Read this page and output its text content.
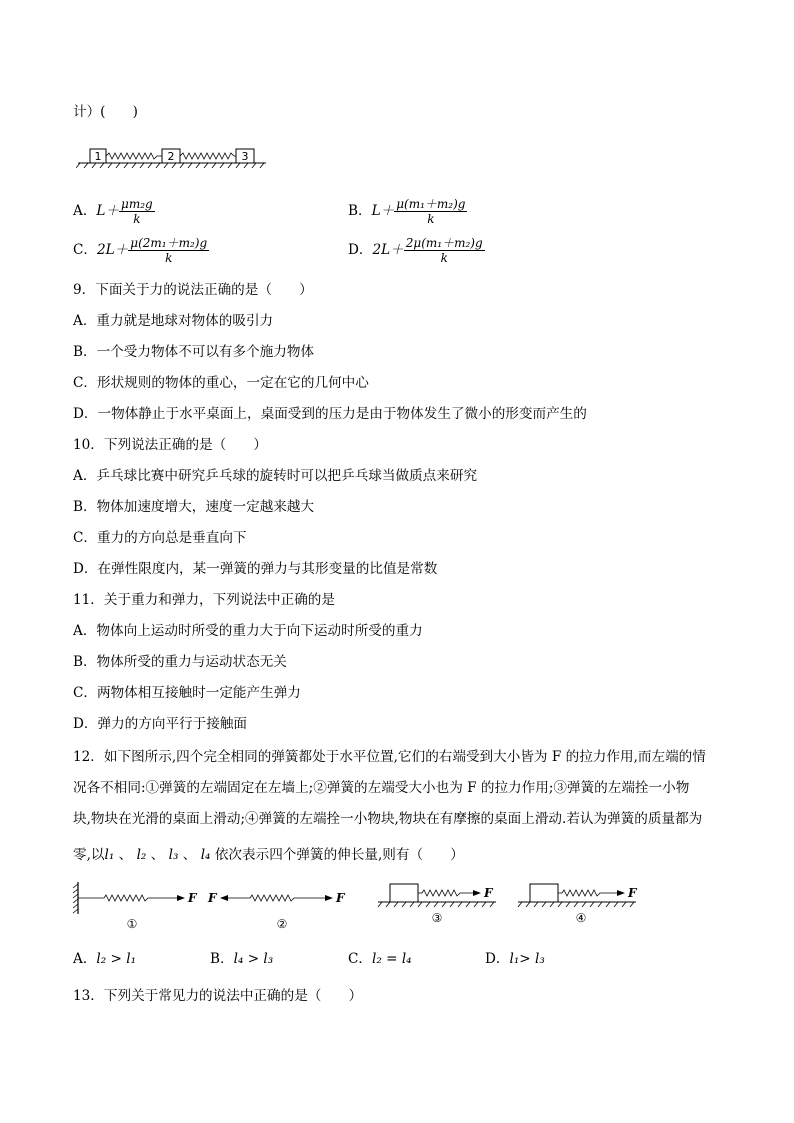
计）(　　)
1	2	3
A．$L+ \frac{\text{μm₂g}}{k}$	B．$L+ \frac{\text{μ(m₁＋m₂)g}}{k}$
C．$2L+ \frac{\text{μ(2m₁＋m₂)g}}{k}$	D．$2L+ \frac{\text{2μ(m₁＋m₂)g}}{k}$
9．下面关于力的说法正确的是（　　）
A．重力就是地球对物体的吸引力
B．一个受力物体不可以有多个施力物体
C．形状规则的物体的重心，一定在它的几何中心
D．一物体静止于水平桌面上，桌面受到的压力是由于物体发生了微小的形变而产生的
10．下列说法正确的是（　　）
A．乒乓球比赛中研究乒乓球的旋转时可以把乒乓球当做质点来研究
B．物体加速度增大，速度一定越来越大
C．重力的方向总是垂直向下
D．在弹性限度内，某一弹簧的弹力与其形变量的比值是常数
11．关于重力和弹力，下列说法中正确的是
A．物体向上运动时所受的重力大于向下运动时所受的重力
B．物体所受的重力与运动状态无关
C．两物体相互接触时一定能产生弹力
D．弹力的方向平行于接触面
12．如下图所示,四个完全相同的弹簧都处于水平位置,它们的右端受到大小皆为 F 的拉力作用,而左端的情
况各不相同:①弹簧的左端固定在左墙上;②弹簧的左端受大小也为 F 的拉力作用;③弹簧的左端拴一小物
块,物块在光滑的桌面上滑动;④弹簧的左端拴一小物块,物块在有摩擦的桌面上滑动.若认为弹簧的质量都为
零,以l₁ 、 l₂ 、 l₃ 、 l₄ 依次表示四个弹簧的伸长量,则有（　　）
F
①
F	F
②
F
③
F
④
A．l₂ > l₁	B．l₄ > l₃	C．l₂ = l₄	D．l₁> l₃
13．下列关于常见力的说法中正确的是（　　）
